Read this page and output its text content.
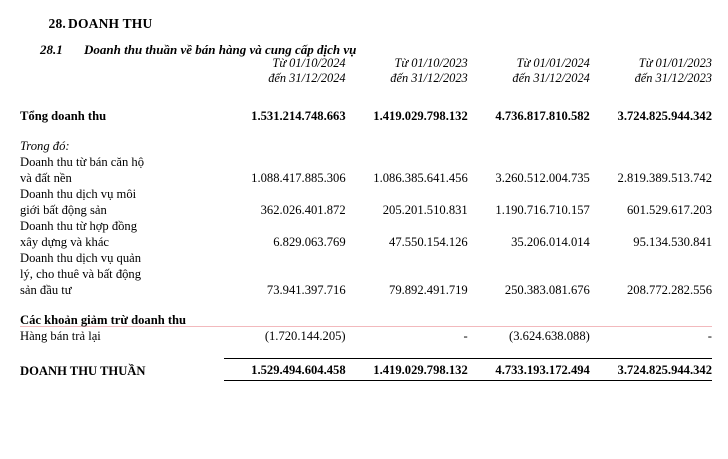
28. DOANH THU
28.1 Doanh thu thuần về bán hàng và cung cấp dịch vụ

Từ 01/10/2024
đến 31/12/2024

Từ 01/10/2023
đến 31/12/2023

Từ 01/01/2024
đến 31/12/2024

Từ 01/01/2023
đến 31/12/2023

Tổng doanh thu	1.531.214.748.663	1.419.029.798.132	4.736.817.810.582	3.724.825.944.342

Trong đó:				

Doanh thu từ bán căn hộ
và đất nền	1.088.417.885.306	1.086.385.641.456	3.260.512.004.735	2.819.389.513.742

Doanh thu dịch vụ môi
giới bất động sản	362.026.401.872	205.201.510.831	1.190.716.710.157	601.529.617.203

Doanh thu từ hợp đồng
xây dựng và khác	6.829.063.769	47.550.154.126	35.206.014.014	95.134.530.841

Doanh thu dịch vụ quản
lý, cho thuê và bất động
sản đầu tư	73.941.397.716	79.892.491.719	250.383.081.676	208.772.282.556

Các khoản giảm trừ doanh thu				
Hàng bán trả lại	(1.720.144.205)	-	(3.624.638.088)	-

DOANH THU THUẦN	1.529.494.604.458	1.419.029.798.132	4.733.193.172.494	3.724.825.944.342
